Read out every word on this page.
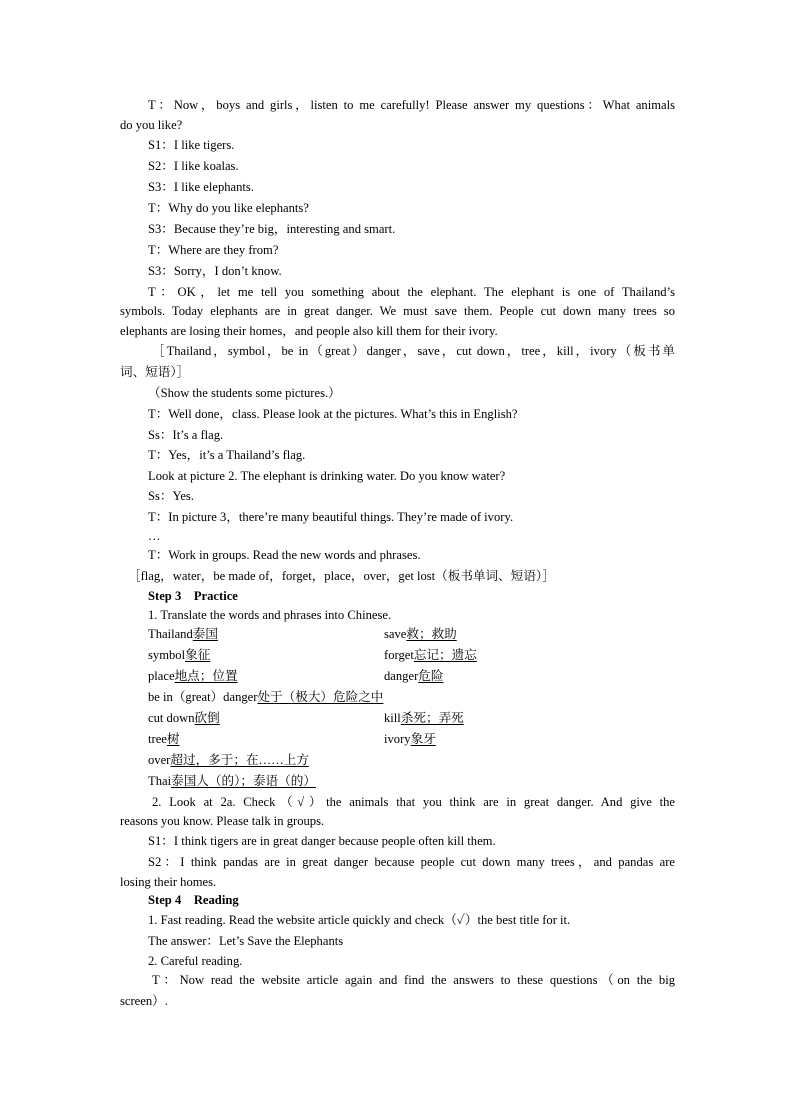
T：Now，boys and girls，listen to me carefully! Please answer my questions：What animals
do you like?
S1：I like tigers.
S2：I like koalas.
S3：I like elephants.
T：Why do you like elephants?
S3：Because they’re big，interesting and smart.
T：Where are they from?
S3：Sorry，I don’t know.
T：OK，let me tell you something about the elephant. The elephant is one of Thailand’s
symbols. Today elephants are in great danger. We must save them. People cut down many trees so
elephants are losing their homes，and people also kill them for their ivory.
［Thailand，symbol，be in（great）danger，save，cut down，tree，kill，ivory（板书单
词、短语）］
（Show the students some pictures.）
T：Well done，class. Please look at the pictures. What’s this in English?
Ss：It’s a flag.
T：Yes，it’s a Thailand’s flag.
Look at picture 2. The elephant is drinking water. Do you know water?
Ss：Yes.
T：In picture 3，there’re many beautiful things. They’re made of ivory.
…
T：Work in groups. Read the new words and phrases.
［flag，water，be made of，forget，place，over，get lost（板书单词、短语）］
Step 3　Practice
1. Translate the words and phrases into Chinese.
Thailand泰国	save救；救助
symbol象征	forget忘记；遗忘
place地点；位置	danger危险
be in（great）danger处于（极大）危险之中
cut down砍倒	kill杀死；弄死
tree树	ivory象牙
over超过，多于；在……上方
Thai泰国人（的）；泰语（的）
2. Look at 2a. Check（√）the animals that you think are in great danger. And give the
reasons you know. Please talk in groups.
S1：I think tigers are in great danger because people often kill them.
S2：I think pandas are in great danger because people cut down many trees，and pandas are
losing their homes.
Step 4　Reading
1. Fast reading. Read the website article quickly and check（✓）the best title for it.
The answer：Let’s Save the Elephants
2. Careful reading.
T：Now read the website article again and find the answers to these questions（on the big
screen）.
